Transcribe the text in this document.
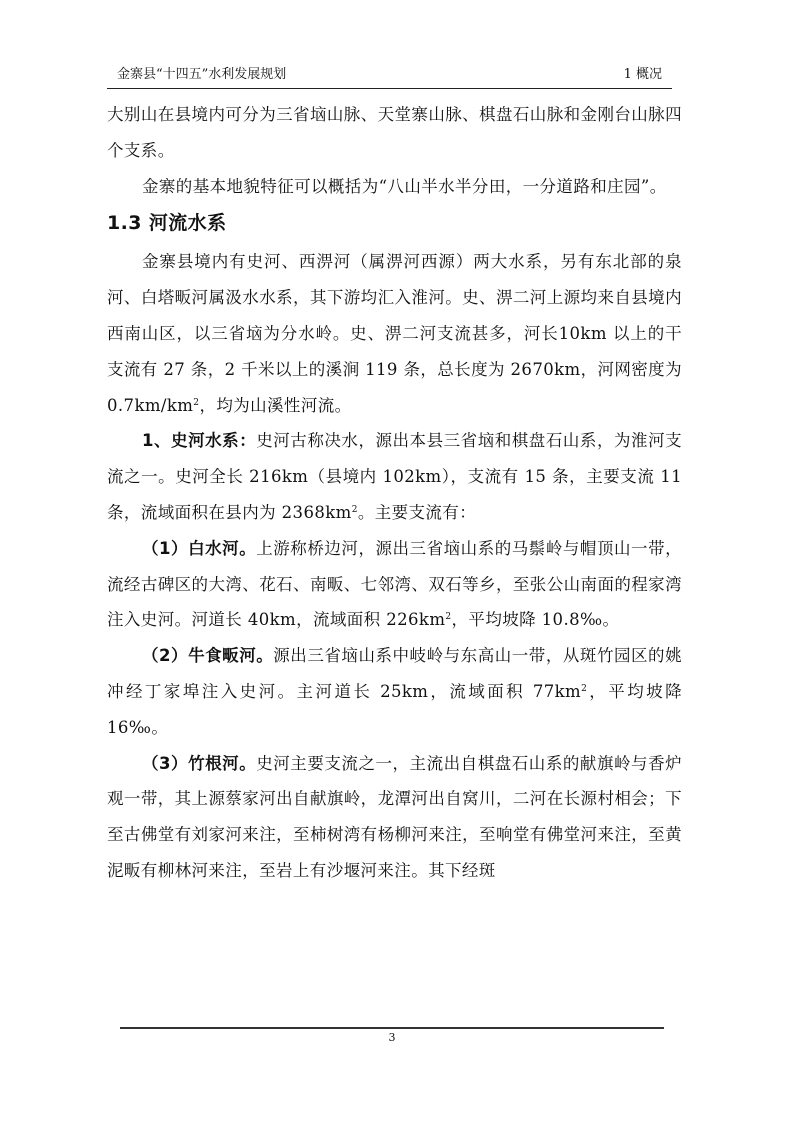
金寨县“十四五”水利发展规划	1 概况

大别山在县境内可分为三省垴山脉、天堂寨山脉、棋盘石山脉和金刚台山脉四个支系。

金寨的基本地貌特征可以概括为“八山半水半分田，一分道路和庄园”。

1.3 河流水系

金寨县境内有史河、西淠河（属淠河西源）两大水系，另有东北部的泉河、白塔畈河属汲水水系，其下游均汇入淮河。史、淠二河上源均来自县境内西南山区，以三省垴为分水岭。史、淠二河支流甚多，河长10km 以上的干支流有 27 条，2 千米以上的溪涧 119 条，总长度为 2670km，河网密度为 $0.7km/km^2$，均为山溪性河流。

1、史河水系：史河古称决水，源出本县三省垴和棋盘石山系，为淮河支流之一。史河全长 216km（县境内 102km），支流有 15 条，主要支流 11 条，流域面积在县内为 $2368km^2$。主要支流有：

（1）白水河。上游称桥边河，源出三省垴山系的马鬃岭与帽顶山一带，流经古碑区的大湾、花石、南畈、七邻湾、双石等乡，至张公山南面的程家湾注入史河。河道长 40km，流域面积 $226km^2$，平均坡降 10.8‰。

（2）牛食畈河。源出三省垴山系中岐岭与东高山一带，从斑竹园区的姚冲经丁家埠注入史河。主河道长 25km，流域面积 $77km^2$，平均坡降16‰。

（3）竹根河。史河主要支流之一，主流出自棋盘石山系的献旗岭与香炉观一带，其上源蔡家河出自献旗岭，龙潭河出自窝川，二河在长源村相会；下至古佛堂有刘家河来注，至柿树湾有杨柳河来注，至响堂有佛堂河来注，至黄泥畈有柳林河来注，至岩上有沙堰河来注。其下经斑

3
